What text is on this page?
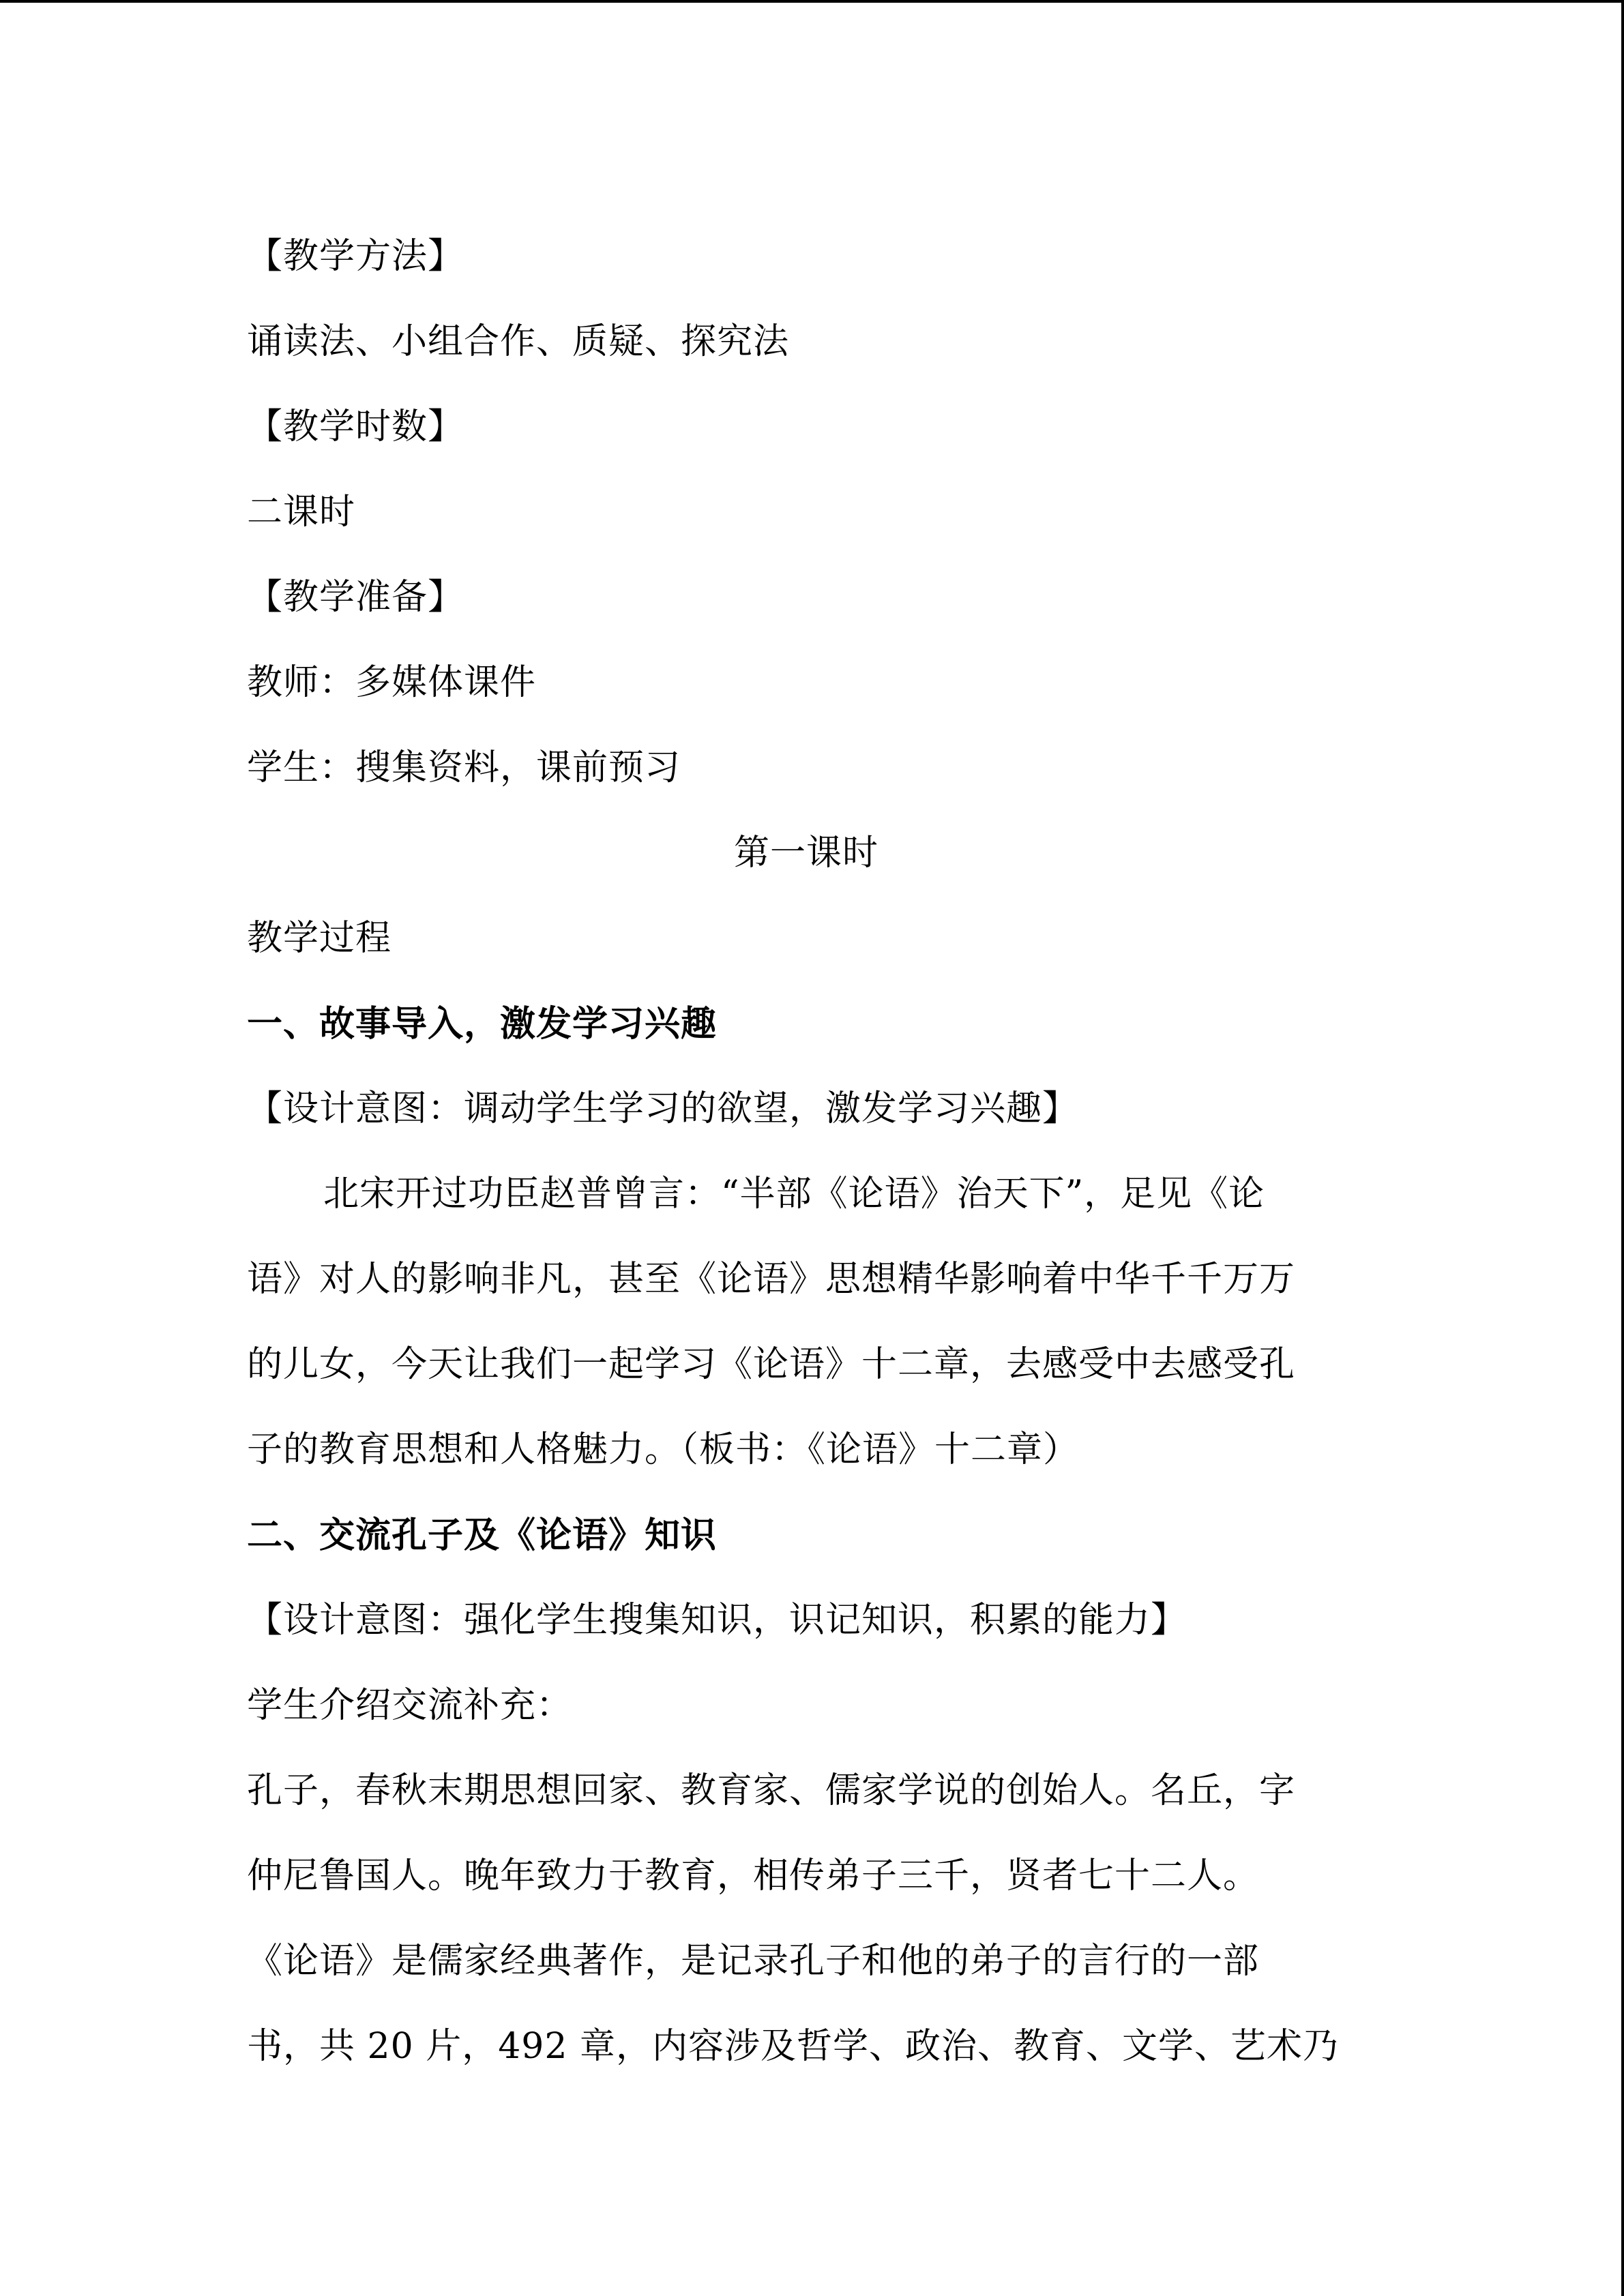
【教学方法】
诵读法、小组合作、质疑、探究法
【教学时数】
二课时
【教学准备】
教师：多媒体课件
学生：搜集资料，课前预习
第一课时
教学过程
一、故事导入，激发学习兴趣
【设计意图：调动学生学习的欲望，激发学习兴趣】
北宋开过功臣赵普曾言：“半部《论语》治天下”，足见《论
语》对人的影响非凡，甚至《论语》思想精华影响着中华千千万万
的儿女，今天让我们一起学习《论语》十二章，去感受中去感受孔
子的教育思想和人格魅力。（板书：《论语》十二章）
二、交流孔子及《论语》知识
【设计意图：强化学生搜集知识，识记知识，积累的能力】
学生介绍交流补充：
孔子，春秋末期思想回家、教育家、儒家学说的创始人。名丘，字
仲尼鲁国人。晚年致力于教育，相传弟子三千，贤者七十二人。
《论语》是儒家经典著作，是记录孔子和他的弟子的言行的一部
书，共 20 片，492 章，内容涉及哲学、政治、教育、文学、艺术乃
